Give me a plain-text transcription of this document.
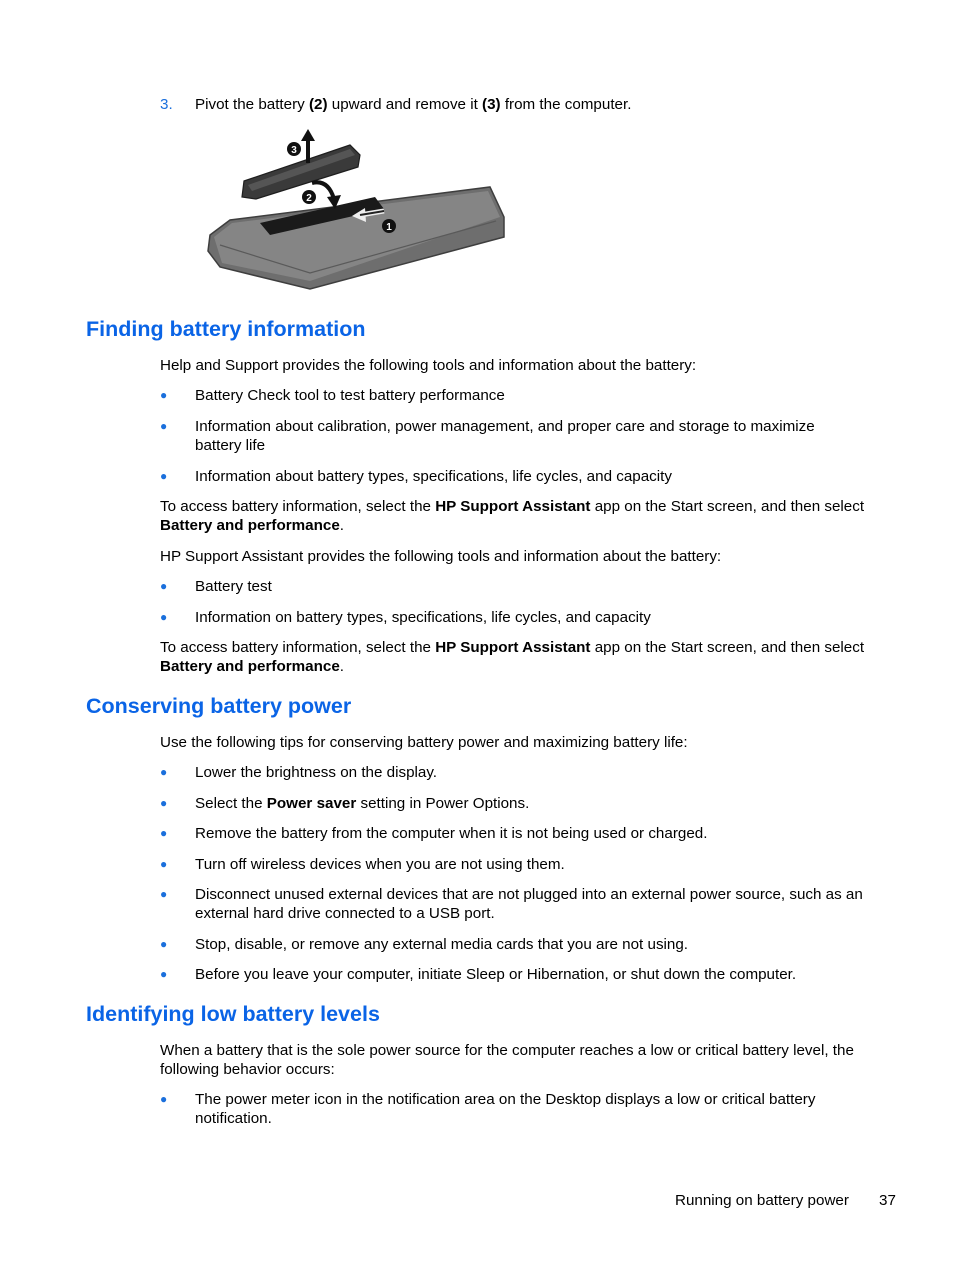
3. Pivot the battery (2) upward and remove it (3) from the computer.
3
2
1
Finding battery information
Help and Support provides the following tools and information about the battery:
● Battery Check tool to test battery performance
● Information about calibration, power management, and proper care and storage to maximize battery life
● Information about battery types, specifications, life cycles, and capacity
To access battery information, select the HP Support Assistant app on the Start screen, and then select Battery and performance.
HP Support Assistant provides the following tools and information about the battery:
● Battery test
● Information on battery types, specifications, life cycles, and capacity
To access battery information, select the HP Support Assistant app on the Start screen, and then select Battery and performance.
Conserving battery power
Use the following tips for conserving battery power and maximizing battery life:
● Lower the brightness on the display.
● Select the Power saver setting in Power Options.
● Remove the battery from the computer when it is not being used or charged.
● Turn off wireless devices when you are not using them.
● Disconnect unused external devices that are not plugged into an external power source, such as an external hard drive connected to a USB port.
● Stop, disable, or remove any external media cards that you are not using.
● Before you leave your computer, initiate Sleep or Hibernation, or shut down the computer.
Identifying low battery levels
When a battery that is the sole power source for the computer reaches a low or critical battery level, the following behavior occurs:
● The power meter icon in the notification area on the Desktop displays a low or critical battery notification.
Running on battery power 37
